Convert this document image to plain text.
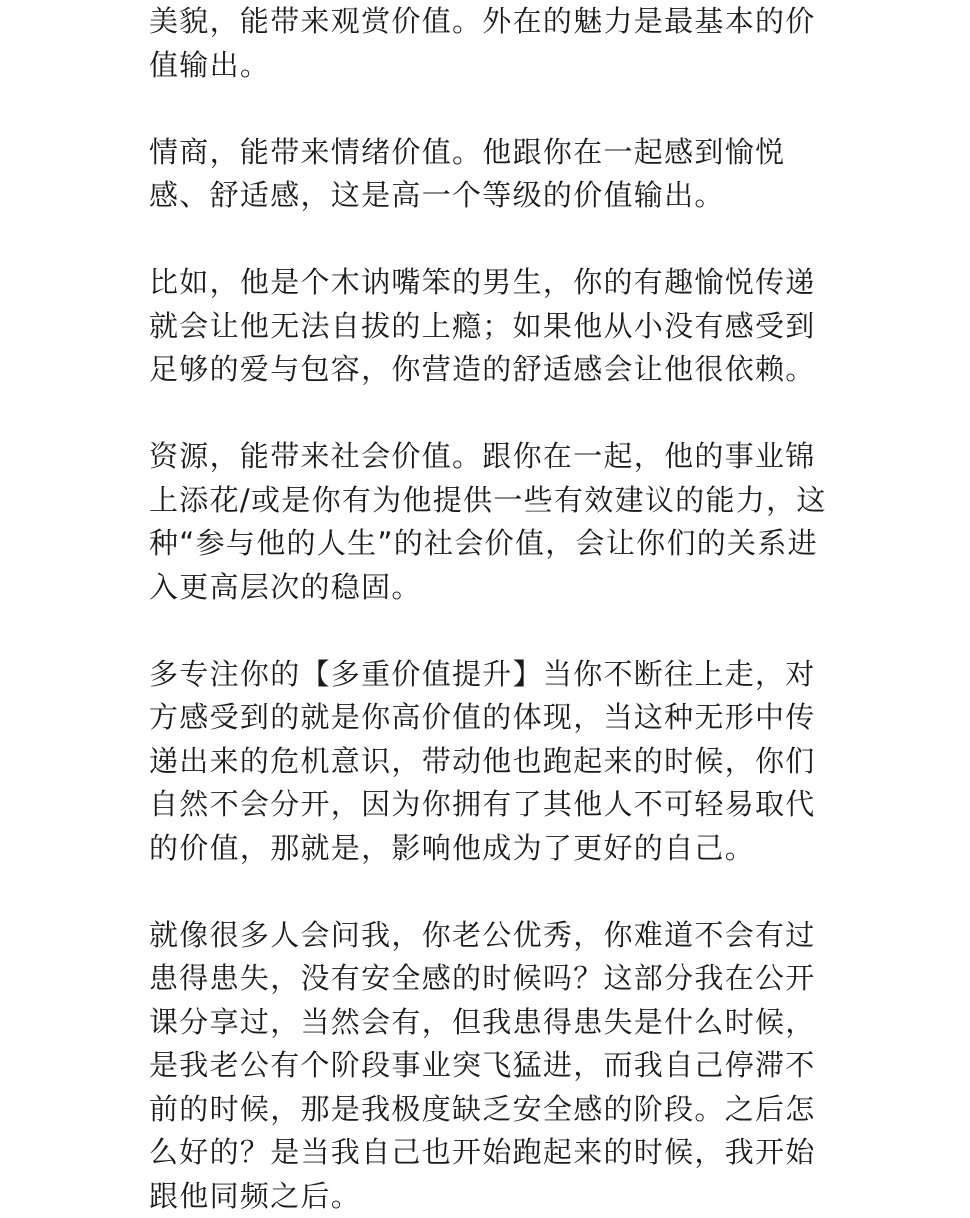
美貌，能带来观赏价值。外在的魅力是最基本的价
值输出。
情商，能带来情绪价值。他跟你在一起感到愉悦
感、舒适感，这是高一个等级的价值输出。
比如，他是个木讷嘴笨的男生，你的有趣愉悦传递
就会让他无法自拔的上瘾；如果他从小没有感受到
足够的爱与包容，你营造的舒适感会让他很依赖。
资源，能带来社会价值。跟你在一起，他的事业锦
上添花/或是你有为他提供一些有效建议的能力，这
种“参与他的人生”的社会价值，会让你们的关系进
入更高层次的稳固。
多专注你的【多重价值提升】当你不断往上走，对
方感受到的就是你高价值的体现，当这种无形中传
递出来的危机意识，带动他也跑起来的时候，你们
自然不会分开，因为你拥有了其他人不可轻易取代
的价值，那就是，影响他成为了更好的自己。
就像很多人会问我，你老公优秀，你难道不会有过
患得患失，没有安全感的时候吗？这部分我在公开
课分享过，当然会有，但我患得患失是什么时候，
是我老公有个阶段事业突飞猛进，而我自己停滞不
前的时候，那是我极度缺乏安全感的阶段。之后怎
么好的？是当我自己也开始跑起来的时候，我开始
跟他同频之后。
